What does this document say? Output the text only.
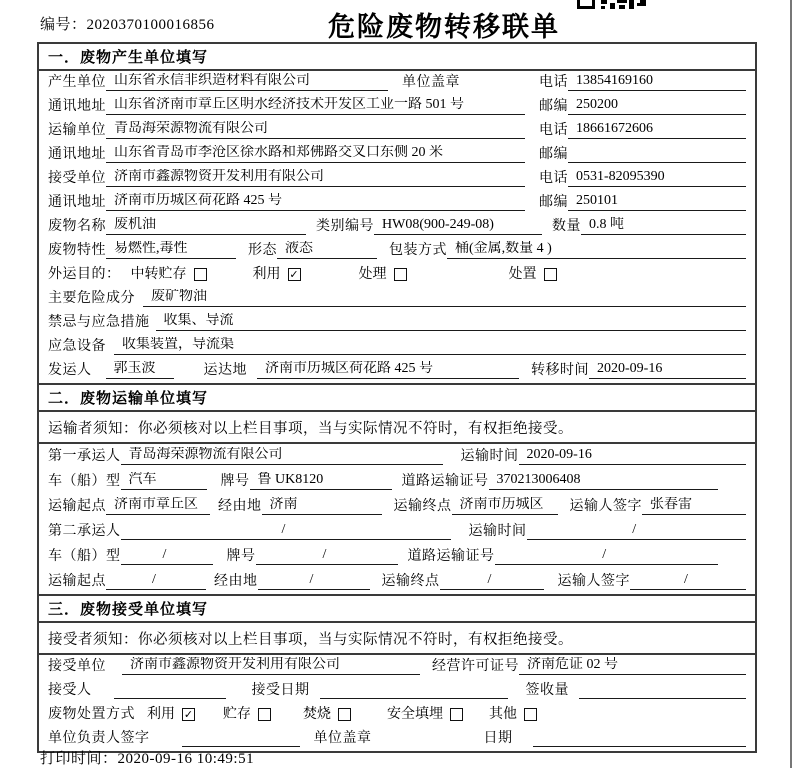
编号：2020370100016856	危险废物转移联单
一．废物产生单位填写
产生单位 山东省永信非织造材料有限公司	单位盖章	电话 13854169160
通讯地址 山东省济南市章丘区明水经济技术开发区工业一路 501 号	邮编 250200
运输单位 青岛海荣源物流有限公司	电话 18661672606
通讯地址 山东省青岛市李沧区徐水路和郑佛路交叉口东侧 20 米	邮编
接受单位 济南市鑫源物资开发利用有限公司	电话 0531-82095390
通讯地址 济南市历城区荷花路 425 号	邮编 250101
废物名称 废机油	类别编号 HW08(900-249-08)	数量 0.8 吨
废物特性 易燃性,毒性	形态 液态	包装方式 桶(金属,数量 4 )
外运目的： 中转贮存	利用 ✓	处理	处置
主要危险成分	废矿物油
禁忌与应急措施	收集、导流
应急设备	收集装置，导流渠
发运人	郭玉波	运达地	济南市历城区荷花路 425 号	转移时间 2020-09-16
二．废物运输单位填写
运输者须知：你必须核对以上栏目事项，当与实际情况不符时，有权拒绝接受。
第一承运人 青岛海荣源物流有限公司	运输时间 2020-09-16
车（船）型 汽车	牌号 鲁 UK8120	道路运输证号 370213006408
运输起点 济南市章丘区	经由地 济南	运输终点 济南市历城区	运输人签字 张春雷
第二承运人	/	运输时间	/
车（船）型	/	牌号	/	道路运输证号	/
运输起点	/	经由地	/	运输终点	/	运输人签字	/
三．废物接受单位填写
接受者须知：你必须核对以上栏目事项，当与实际情况不符时，有权拒绝接受。
接受单位	济南市鑫源物资开发利用有限公司	经营许可证号 济南危证 02 号
接受人	接受日期	签收量
废物处置方式 利用 ✓ 贮存	焚烧	安全填埋	其他
单位负责人签字	单位盖章	日期
打印时间：2020-09-16 10:49:51
